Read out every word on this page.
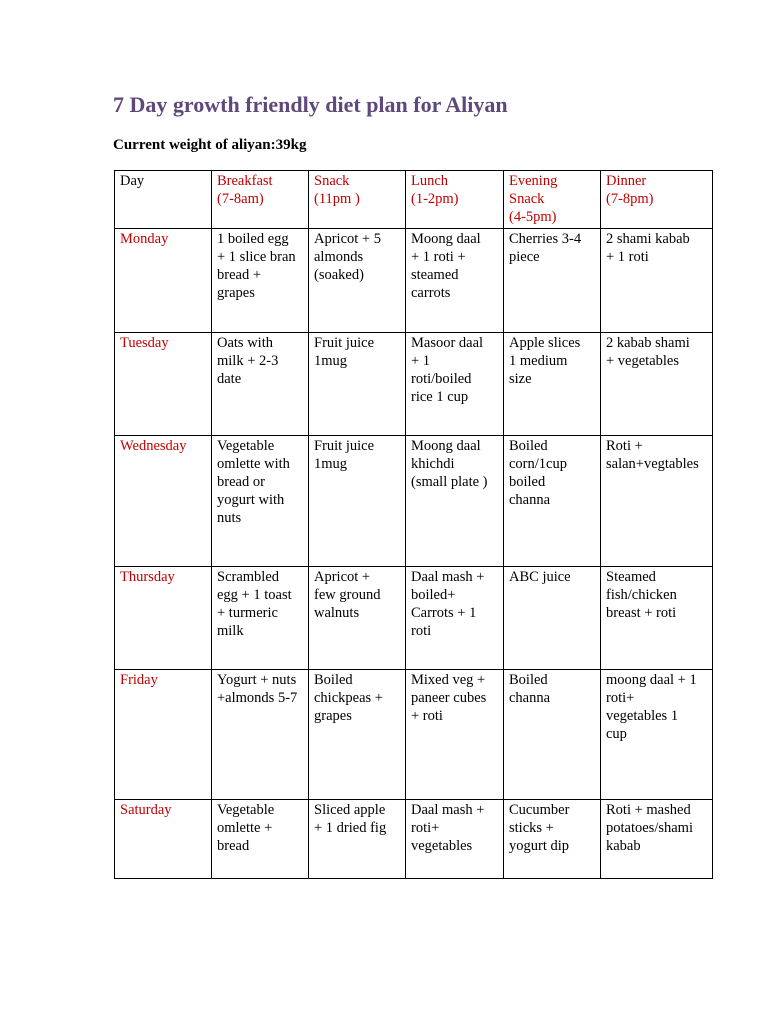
7 Day growth friendly diet plan for Aliyan

Current weight of aliyan:39kg

Day	Breakfast
(7-8am)	Snack
(11pm )	Lunch
(1-2pm)	Evening
Snack
(4-5pm)	Dinner
(7-8pm)

Monday	1 boiled egg
+ 1 slice bran
bread +
grapes	Apricot + 5
almonds
(soaked)	Moong daal
+ 1 roti +
steamed
carrots	Cherries 3-4
piece	2 shami kabab
+ 1 roti

Tuesday	Oats with
milk + 2-3
date	Fruit juice
1mug	Masoor daal
+ 1
roti/boiled
rice 1 cup	Apple slices
1 medium
size	2 kabab shami
+ vegetables

Wednesday	Vegetable
omlette with
bread or
yogurt with
nuts	Fruit juice
1mug	Moong daal
khichdi
(small plate )	Boiled
corn/1cup
boiled
channa	Roti +
salan+vegtables

Thursday	Scrambled
egg + 1 toast
+ turmeric
milk	Apricot +
few ground
walnuts	Daal mash +
boiled+
Carrots + 1
roti	ABC juice	Steamed
fish/chicken
breast + roti

Friday	Yogurt + nuts
+almonds 5-7	Boiled
chickpeas +
grapes	Mixed veg +
paneer cubes
+ roti	Boiled
channa	moong daal + 1
roti+
vegetables 1
cup

Saturday	Vegetable
omlette +
bread	Sliced apple
+ 1 dried fig	Daal mash +
roti+
vegetables	Cucumber
sticks +
yogurt dip	Roti + mashed
potatoes/shami
kabab
